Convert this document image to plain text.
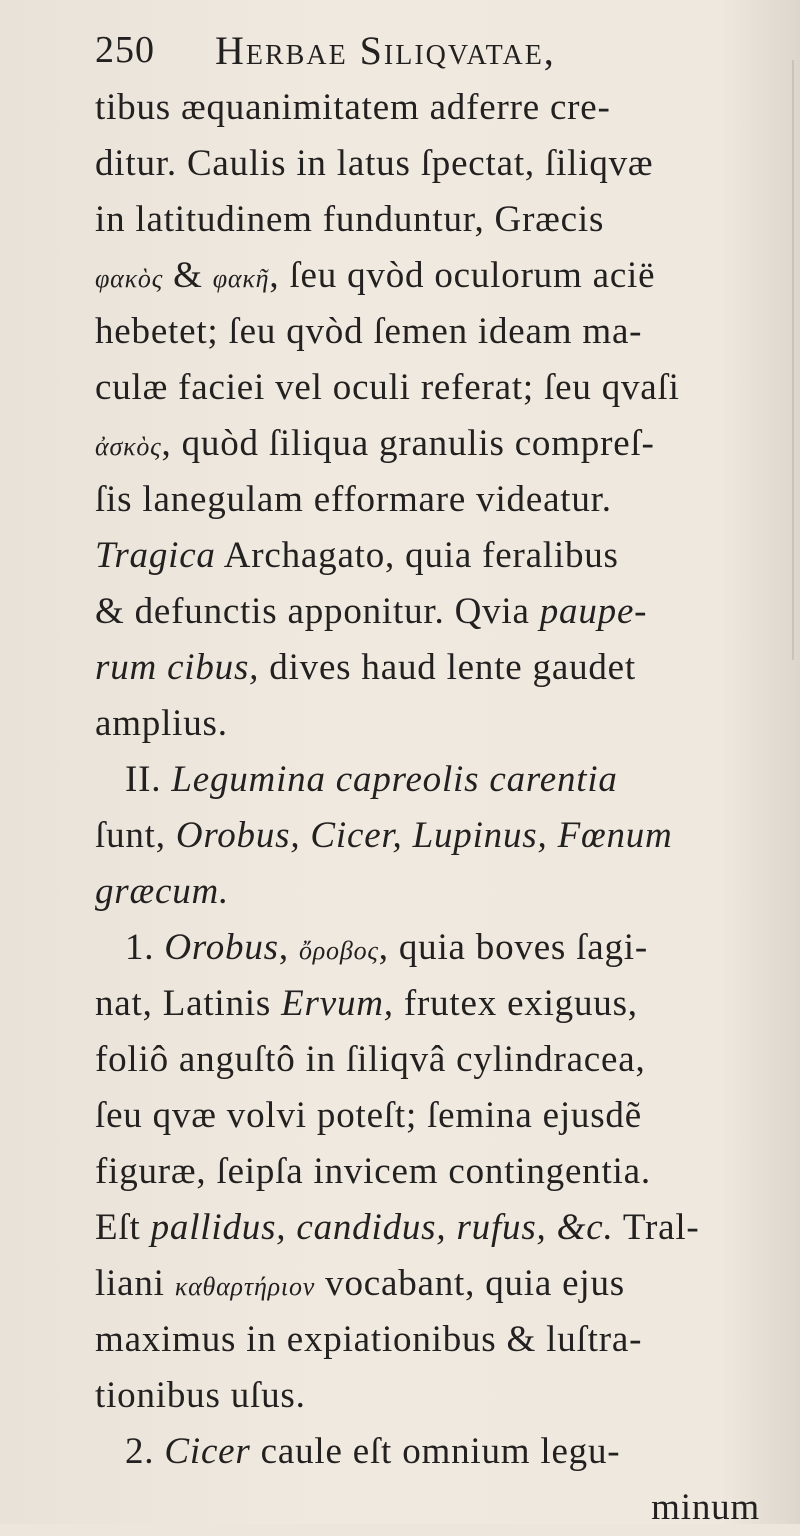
250 Herbae Siliqvatae,
tibus æquanimitatem adferre cre-
ditur. Caulis in latus ſpectat, ſiliqvæ
in latitudinem funduntur, Græcis
φακὸς & φακῆ, ſeu qvòd oculorum acië
hebetet; ſeu qvòd ſemen ideam ma-
culæ faciei vel oculi referat; ſeu qvaſi
ἀσκὸς, quòd ſiliqua granulis compreſ-
ſis lanegulam efformare videatur.
Tragica Archagato, quia feralibus
& defunctis apponitur. Qvia paupe-
rum cibus, dives haud lente gaudet
amplius.
II. Legumina capreolis carentia
ſunt, Orobus, Cicer, Lupinus, Fœnum
græcum.
1. Orobus, ὄροβος, quia boves ſagi-
nat, Latinis Ervum, frutex exiguus,
foliô anguſtô in ſiliqvâ cylindracea,
ſeu qvæ volvi poteſt; ſemina ejusdẽ
figuræ, ſeipſa invicem contingentia.
Eſt pallidus, candidus, rufus, &c. Tral-
liani καθαρτήριον vocabant, quia ejus
maximus in expiationibus & luſtra-
tionibus uſus.
2. Cicer caule eſt omnium legu-
minum
